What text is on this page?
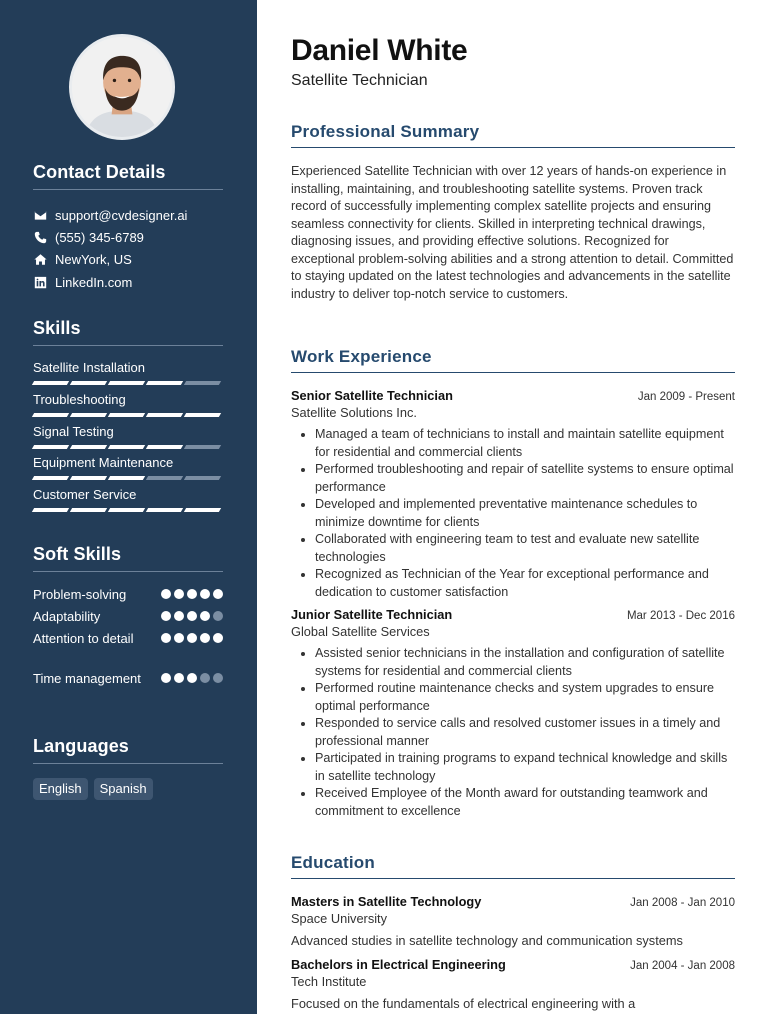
Contact Details
support@cvdesigner.ai
(555) 345-6789
NewYork, US
LinkedIn.com
Skills
Satellite Installation
Troubleshooting
Signal Testing
Equipment Maintenance
Customer Service
Soft Skills
Problem-solving
Adaptability
Attention to detail
Time management
Languages
English	Spanish
Daniel White
Satellite Technician
Professional Summary
Experienced Satellite Technician with over 12 years of hands-on experience in installing, maintaining, and troubleshooting satellite systems. Proven track record of successfully implementing complex satellite projects and ensuring seamless connectivity for clients. Skilled in interpreting technical drawings, diagnosing issues, and providing effective solutions. Recognized for exceptional problem-solving abilities and a strong attention to detail. Committed to staying updated on the latest technologies and advancements in the satellite industry to deliver top-notch service to customers.
Work Experience
Senior Satellite Technician	Jan 2009 - Present
Satellite Solutions Inc.
• Managed a team of technicians to install and maintain satellite equipment for residential and commercial clients
• Performed troubleshooting and repair of satellite systems to ensure optimal performance
• Developed and implemented preventative maintenance schedules to minimize downtime for clients
• Collaborated with engineering team to test and evaluate new satellite technologies
• Recognized as Technician of the Year for exceptional performance and dedication to customer satisfaction
Junior Satellite Technician	Mar 2013 - Dec 2016
Global Satellite Services
• Assisted senior technicians in the installation and configuration of satellite systems for residential and commercial clients
• Performed routine maintenance checks and system upgrades to ensure optimal performance
• Responded to service calls and resolved customer issues in a timely and professional manner
• Participated in training programs to expand technical knowledge and skills in satellite technology
• Received Employee of the Month award for outstanding teamwork and commitment to excellence
Education
Masters in Satellite Technology	Jan 2008 - Jan 2010
Space University
Advanced studies in satellite technology and communication systems
Bachelors in Electrical Engineering	Jan 2004 - Jan 2008
Tech Institute
Focused on the fundamentals of electrical engineering with a
